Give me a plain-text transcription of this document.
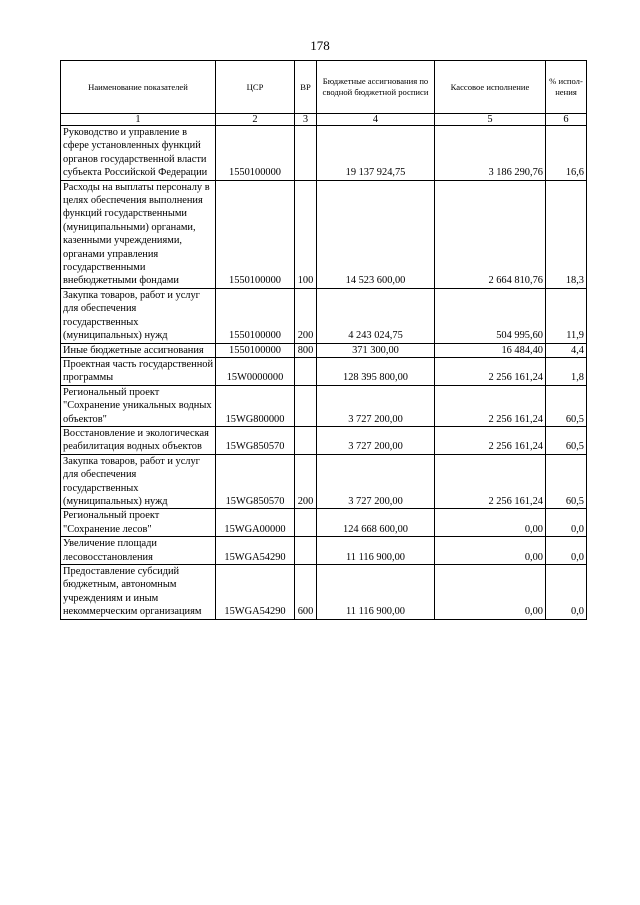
178
Наименование показателей	ЦСР	ВР	Бюджетные ассигнования по сводной бюджетной росписи	Кассовое исполнение	% испол-нения
1	2	3	4	5	6
Руководство и управление в сфере установленных функций органов государственной власти субъекта Российской Федерации	1550100000		19 137 924,75	3 186 290,76	16,6
Расходы на выплаты персоналу в целях обеспечения выполнения функций государственными (муниципальными) органами, казенными учреждениями, органами управления государственными внебюджетными фондами	1550100000	100	14 523 600,00	2 664 810,76	18,3
Закупка товаров, работ и услуг для обеспечения государственных (муниципальных) нужд	1550100000	200	4 243 024,75	504 995,60	11,9
Иные бюджетные ассигнования	1550100000	800	371 300,00	16 484,40	4,4
Проектная часть государственной программы	15W0000000		128 395 800,00	2 256 161,24	1,8
Региональный проект "Сохранение уникальных водных объектов"	15WG800000		3 727 200,00	2 256 161,24	60,5
Восстановление и экологическая реабилитация водных объектов	15WG850570		3 727 200,00	2 256 161,24	60,5
Закупка товаров, работ и услуг для обеспечения государственных (муниципальных) нужд	15WG850570	200	3 727 200,00	2 256 161,24	60,5
Региональный проект "Сохранение лесов"	15WGA00000		124 668 600,00	0,00	0,0
Увеличение площади лесовосстановления	15WGA54290		11 116 900,00	0,00	0,0
Предоставление субсидий бюджетным, автономным учреждениям и иным некоммерческим организациям	15WGA54290	600	11 116 900,00	0,00	0,0
